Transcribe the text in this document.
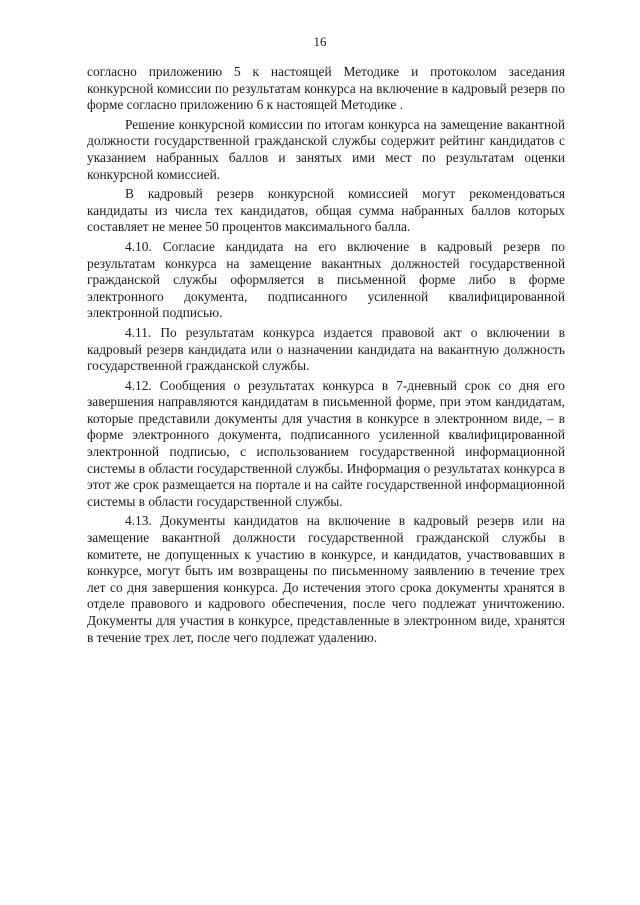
16

согласно приложению 5 к настоящей Методике и протоколом заседания конкурсной комиссии по результатам конкурса на включение в кадровый резерв по форме согласно приложению 6 к настоящей Методике .

Решение конкурсной комиссии по итогам конкурса на замещение вакантной должности государственной гражданской службы содержит рейтинг кандидатов с указанием набранных баллов и занятых ими мест по результатам оценки конкурсной комиссией.

В кадровый резерв конкурсной комиссией могут рекомендоваться кандидаты из числа тех кандидатов, общая сумма набранных баллов которых составляет не менее 50 процентов максимального балла.

4.10. Согласие кандидата на его включение в кадровый резерв по результатам конкурса на замещение вакантных должностей государственной гражданской службы оформляется в письменной форме либо в форме электронного документа, подписанного усиленной квалифицированной электронной подписью.

4.11. По результатам конкурса издается правовой акт о включении в кадровый резерв кандидата или о назначении кандидата на вакантную должность государственной гражданской службы.

4.12. Сообщения о результатах конкурса в 7-дневный срок со дня его завершения направляются кандидатам в письменной форме, при этом кандидатам, которые представили документы для участия в конкурсе в электронном виде, – в форме электронного документа, подписанного усиленной квалифицированной электронной подписью, с использованием государственной информационной системы в области государственной службы. Информация о результатах конкурса в этот же срок размещается на портале и на сайте государственной информационной системы в области государственной службы.

4.13. Документы кандидатов на включение в кадровый резерв или на замещение вакантной должности государственной гражданской службы в комитете, не допущенных к участию в конкурсе, и кандидатов, участвовавших в конкурсе, могут быть им возвращены по письменному заявлению в течение трех лет со дня завершения конкурса. До истечения этого срока документы хранятся в отделе правового и кадрового обеспечения, после чего подлежат уничтожению. Документы для участия в конкурсе, представленные в электронном виде, хранятся в течение трех лет, после чего подлежат удалению.
